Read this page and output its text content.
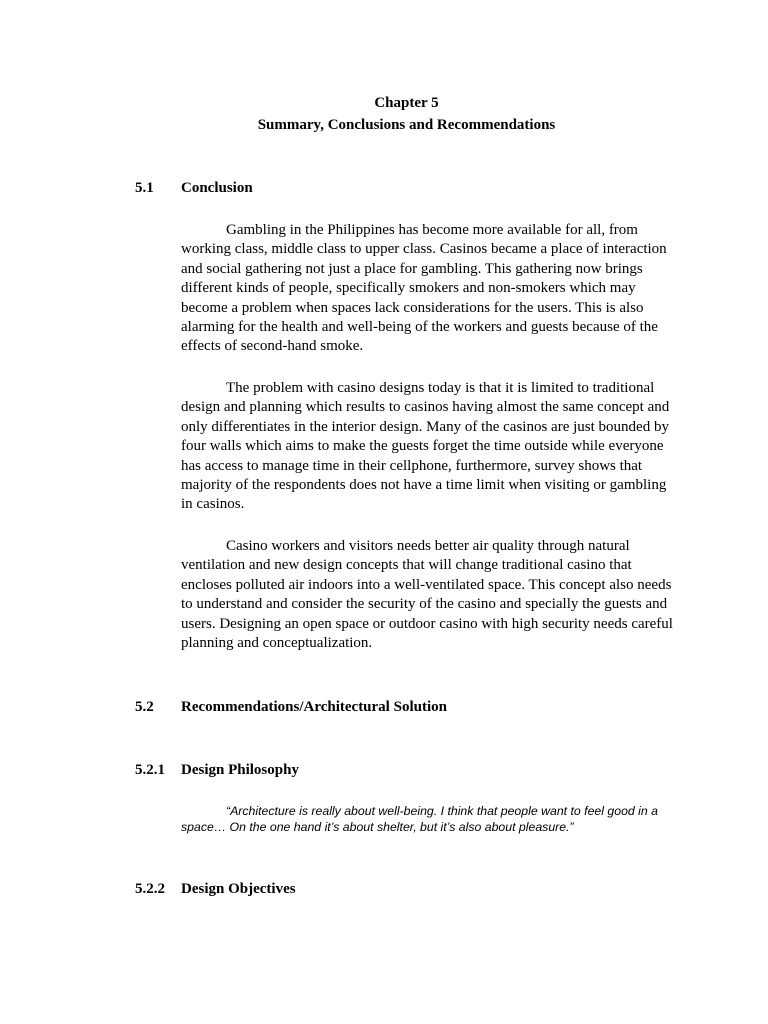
Chapter 5
Summary, Conclusions and Recommendations
5.1 Conclusion

Gambling in the Philippines has become more available for all, from working class, middle class to upper class. Casinos became a place of interaction and social gathering not just a place for gambling. This gathering now brings different kinds of people, specifically smokers and non-smokers which may become a problem when spaces lack considerations for the users. This is also alarming for the health and well-being of the workers and guests because of the effects of second-hand smoke.

The problem with casino designs today is that it is limited to traditional design and planning which results to casinos having almost the same concept and only differentiates in the interior design. Many of the casinos are just bounded by four walls which aims to make the guests forget the time outside while everyone has access to manage time in their cellphone, furthermore, survey shows that majority of the respondents does not have a time limit when visiting or gambling in casinos.

Casino workers and visitors needs better air quality through natural ventilation and new design concepts that will change traditional casino that encloses polluted air indoors into a well-ventilated space. This concept also needs to understand and consider the security of the casino and specially the guests and users. Designing an open space or outdoor casino with high security needs careful planning and conceptualization.

5.2 Recommendations/Architectural Solution
5.2.1 Design Philosophy

“Architecture is really about well-being. I think that people want to feel good in a space… On the one hand it’s about shelter, but it’s also about pleasure.”

5.2.2 Design Objectives
